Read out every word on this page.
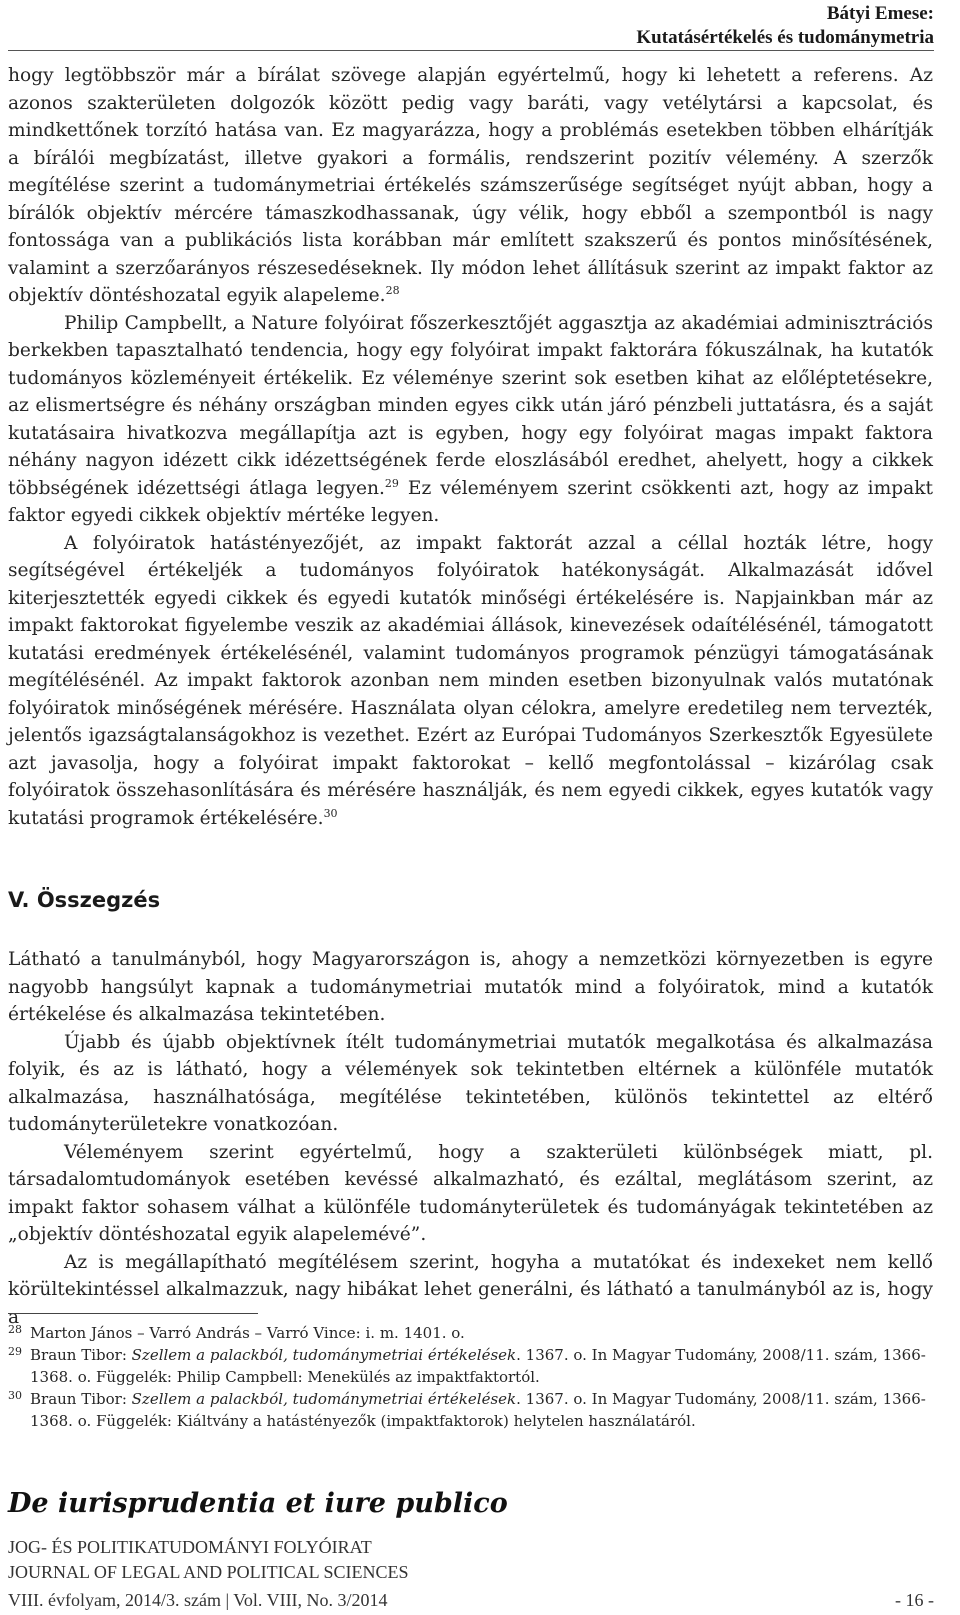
Bátyi Emese:
Kutatásértékelés és tudománymetria

hogy legtöbbször már a bírálat szövege alapján egyértelmű, hogy ki lehetett a referens. Az azonos szakterületen dolgozók között pedig vagy baráti, vagy vetélytársi a kapcsolat, és mindkettőnek torzító hatása van. Ez magyarázza, hogy a problémás esetekben többen elhárítják a bírálói megbízatást, illetve gyakori a formális, rendszerint pozitív vélemény. A szerzők megítélése szerint a tudománymetriai értékelés számszerűsége segítséget nyújt abban, hogy a bírálók objektív mércére támaszkodhassanak, úgy vélik, hogy ebből a szempontból is nagy fontossága van a publikációs lista korábban már említett szakszerű és pontos minősítésének, valamint a szerzőarányos részesedéseknek. Ily módon lehet állításuk szerint az impakt faktor az objektív döntéshozatal egyik alapeleme.$^{28}$

Philip Campbellt, a Nature folyóirat főszerkesztőjét aggasztja az akadémiai adminisztrációs berkekben tapasztalható tendencia, hogy egy folyóirat impakt faktorára fókuszálnak, ha kutatók tudományos közleményeit értékelik. Ez véleménye szerint sok esetben kihat az előléptetésekre, az elismertségre és néhány országban minden egyes cikk után járó pénzbeli juttatásra, és a saját kutatásaira hivatkozva megállapítja azt is egyben, hogy egy folyóirat magas impakt faktora néhány nagyon idézett cikk idézettségének ferde eloszlásából eredhet, ahelyett, hogy a cikkek többségének idézettségi átlaga legyen.$^{29}$ Ez véleményem szerint csökkenti azt, hogy az impakt faktor egyedi cikkek objektív mértéke legyen.

A folyóiratok hatástényezőjét, az impakt faktorát azzal a céllal hozták létre, hogy segítségével értékeljék a tudományos folyóiratok hatékonyságát. Alkalmazását idővel kiterjesztették egyedi cikkek és egyedi kutatók minőségi értékelésére is. Napjainkban már az impakt faktorokat figyelembe veszik az akadémiai állások, kinevezések odaítélésénél, támogatott kutatási eredmények értékelésénél, valamint tudományos programok pénzügyi támogatásának megítélésénél. Az impakt faktorok azonban nem minden esetben bizonyulnak valós mutatónak folyóiratok minőségének mérésére. Használata olyan célokra, amelyre eredetileg nem tervezték, jelentős igazságtalanságokhoz is vezethet. Ezért az Európai Tudományos Szerkesztők Egyesülete azt javasolja, hogy a folyóirat impakt faktorokat – kellő megfontolással – kizárólag csak folyóiratok összehasonlítására és mérésére használják, és nem egyedi cikkek, egyes kutatók vagy kutatási programok értékelésére.$^{30}$

V. Összegzés

Látható a tanulmányból, hogy Magyarországon is, ahogy a nemzetközi környezetben is egyre nagyobb hangsúlyt kapnak a tudománymetriai mutatók mind a folyóiratok, mind a kutatók értékelése és alkalmazása tekintetében.

Újabb és újabb objektívnek ítélt tudománymetriai mutatók megalkotása és alkalmazása folyik, és az is látható, hogy a vélemények sok tekintetben eltérnek a különféle mutatók alkalmazása, használhatósága, megítélése tekintetében, különös tekintettel az eltérő tudományterületekre vonatkozóan.

Véleményem szerint egyértelmű, hogy a szakterületi különbségek miatt, pl. társadalomtudományok esetében kevéssé alkalmazható, és ezáltal, meglátásom szerint, az impakt faktor sohasem válhat a különféle tudományterületek és tudományágak tekintetében az „objektív döntéshozatal egyik alapelemévé”.

Az is megállapítható megítélésem szerint, hogyha a mutatókat és indexeket nem kellő körültekintéssel alkalmazzuk, nagy hibákat lehet generálni, és látható a tanulmányból az is, hogy a

28 Marton János – Varró András – Varró Vince: i. m. 1401. o.
29 Braun Tibor: Szellem a palackból, tudománymetriai értékelések. 1367. o. In Magyar Tudomány, 2008/11. szám, 1366-1368. o. Függelék: Philip Campbell: Menekülés az impaktfaktortól.
30 Braun Tibor: Szellem a palackból, tudománymetriai értékelések. 1367. o. In Magyar Tudomány, 2008/11. szám, 1366-1368. o. Függelék: Kiáltvány a hatástényezők (impaktfaktorok) helytelen használatáról.
De iurisprudentia et iure publico
JOG- ÉS POLITIKATUDOMÁNYI FOLYÓIRAT
JOURNAL OF LEGAL AND POLITICAL SCIENCES
VIII. évfolyam, 2014/3. szám | Vol. VIII, No. 3/2014	- 16 -
